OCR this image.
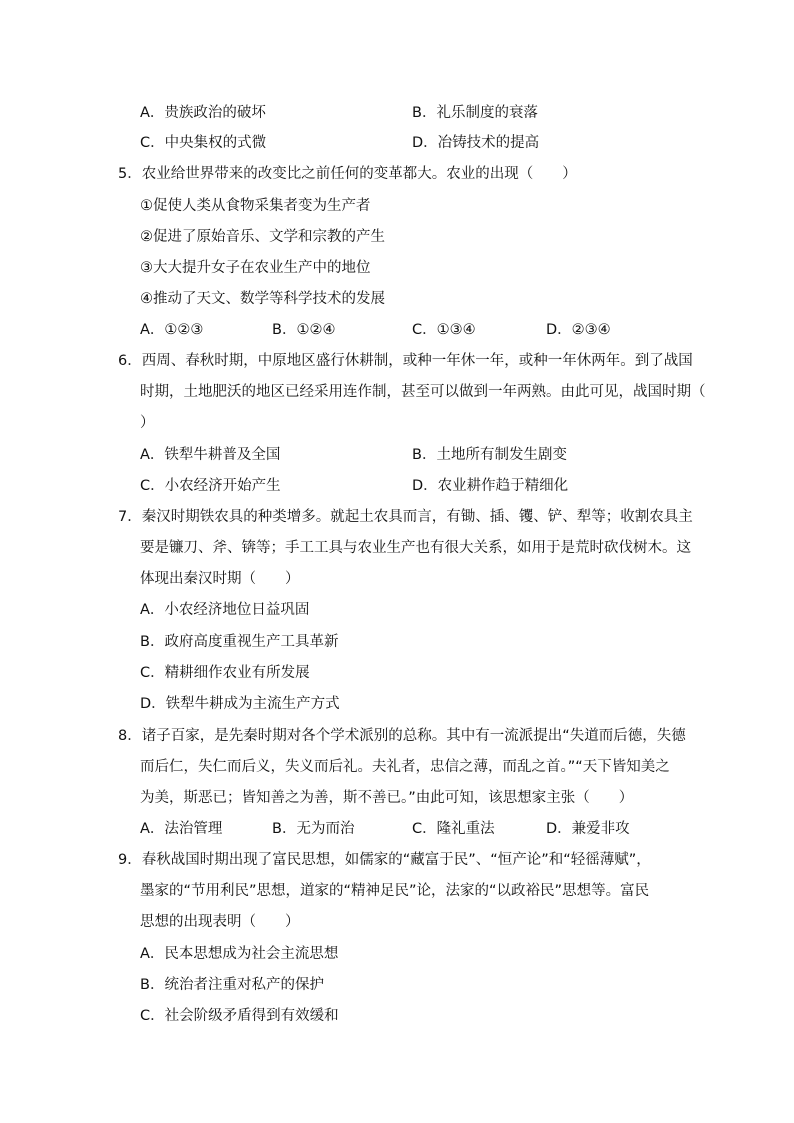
A．贵族政治的破坏	B．礼乐制度的衰落
C．中央集权的式微	D．冶铸技术的提高
5．农业给世界带来的改变比之前任何的变革都大。农业的出现（　　）
①促使人类从食物采集者变为生产者
②促进了原始音乐、文学和宗教的产生
③大大提升女子在农业生产中的地位
④推动了天文、数学等科学技术的发展
A．①②③	B．①②④	C．①③④	D．②③④
6．西周、春秋时期，中原地区盛行休耕制，或种一年休一年，或种一年休两年。到了战国
时期，土地肥沃的地区已经采用连作制，甚至可以做到一年两熟。由此可见，战国时期（
）
A．铁犁牛耕普及全国	B．土地所有制发生剧变
C．小农经济开始产生	D．农业耕作趋于精细化
7．秦汉时期铁农具的种类增多。就起土农具而言，有锄、插、䦆、铲、犁等；收割农具主
要是镰刀、斧、锛等；手工工具与农业生产也有很大关系，如用于是荒时砍伐树木。这
体现出秦汉时期（　　）
A．小农经济地位日益巩固
B．政府高度重视生产工具革新
C．精耕细作农业有所发展
D．铁犁牛耕成为主流生产方式
8．诸子百家，是先秦时期对各个学术派别的总称。其中有一流派提出“失道而后德，失德
而后仁，失仁而后义，失义而后礼。夫礼者，忠信之薄，而乱之首。”“天下皆知美之
为美，斯恶已；皆知善之为善，斯不善已。”由此可知，该思想家主张（　　）
A．法治管理	B．无为而治	C．隆礼重法	D．兼爱非攻
9．春秋战国时期出现了富民思想，如儒家的“藏富于民”、“恒产论”和“轻徭薄赋”，
墨家的“节用利民”思想，道家的“精神足民”论，法家的“以政裕民”思想等。富民
思想的出现表明（　　）
A．民本思想成为社会主流思想
B．统治者注重对私产的保护
C．社会阶级矛盾得到有效缓和
